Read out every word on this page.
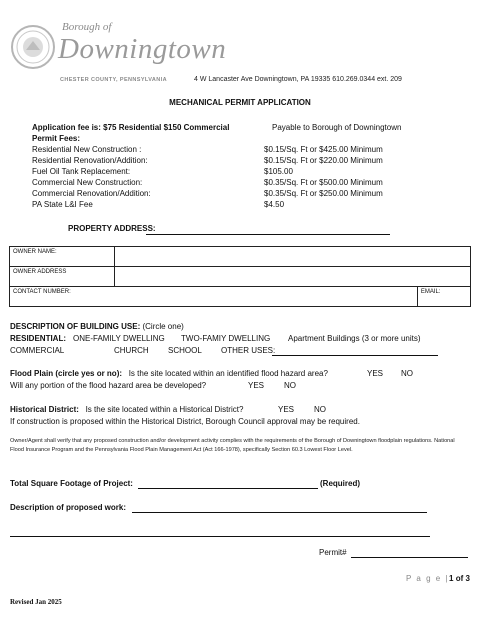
Borough of
Downingtown
CHESTER COUNTY, PENNSYLVANIA	4 W Lancaster Ave Downingtown, PA 19335 610.269.0344 ext. 209
MECHANICAL PERMIT APPLICATION
Application fee is: $75 Residential $150 Commercial	Payable to Borough of Downingtown
Permit Fees:
Residential New Construction :	$0.15/Sq. Ft or $425.00 Minimum
Residential Renovation/Addition:	$0.15/Sq. Ft or $220.00 Minimum
Fuel Oil Tank Replacement:	$105.00
Commercial New Construction:	$0.35/Sq. Ft or $500.00 Minimum
Commercial Renovation/Addition:	$0.35/Sq. Ft or $250.00 Minimum
PA State L&I Fee	$4.50
PROPERTY ADDRESS:
OWNER NAME:		
OWNER ADDRESS		
CONTACT NUMBER:		EMAIL:
DESCRIPTION OF BUILDING USE: (Circle one)
RESIDENTIAL: ONE-FAMILY DWELLING TWO-FAMIY DWELLING Apartment Buildings (3 or more units)
COMMERCIAL	CHURCH SCHOOL OTHER USES:
Flood Plain (circle yes or no): Is the site located within an identified flood hazard area?	YES NO
Will any portion of the flood hazard area be developed?	YES NO
Historical District: Is the site located within a Historical District?	YES NO
If construction is proposed within the Historical District, Borough Council approval may be required.
Owner/Agent shall verify that any proposed construction and/or development activity complies with the requirements of the Borough of Downingtown floodplain regulations. National Flood Insurance Program and the Pennsylvania Flood Plain Management Act (Act 166-1978), specifically Section 60.3 Lowest Floor Level.
Total Square Footage of Project:	(Required)
Description of proposed work:
Permit#
P a g e |1 of 3
Revised Jan 2025
